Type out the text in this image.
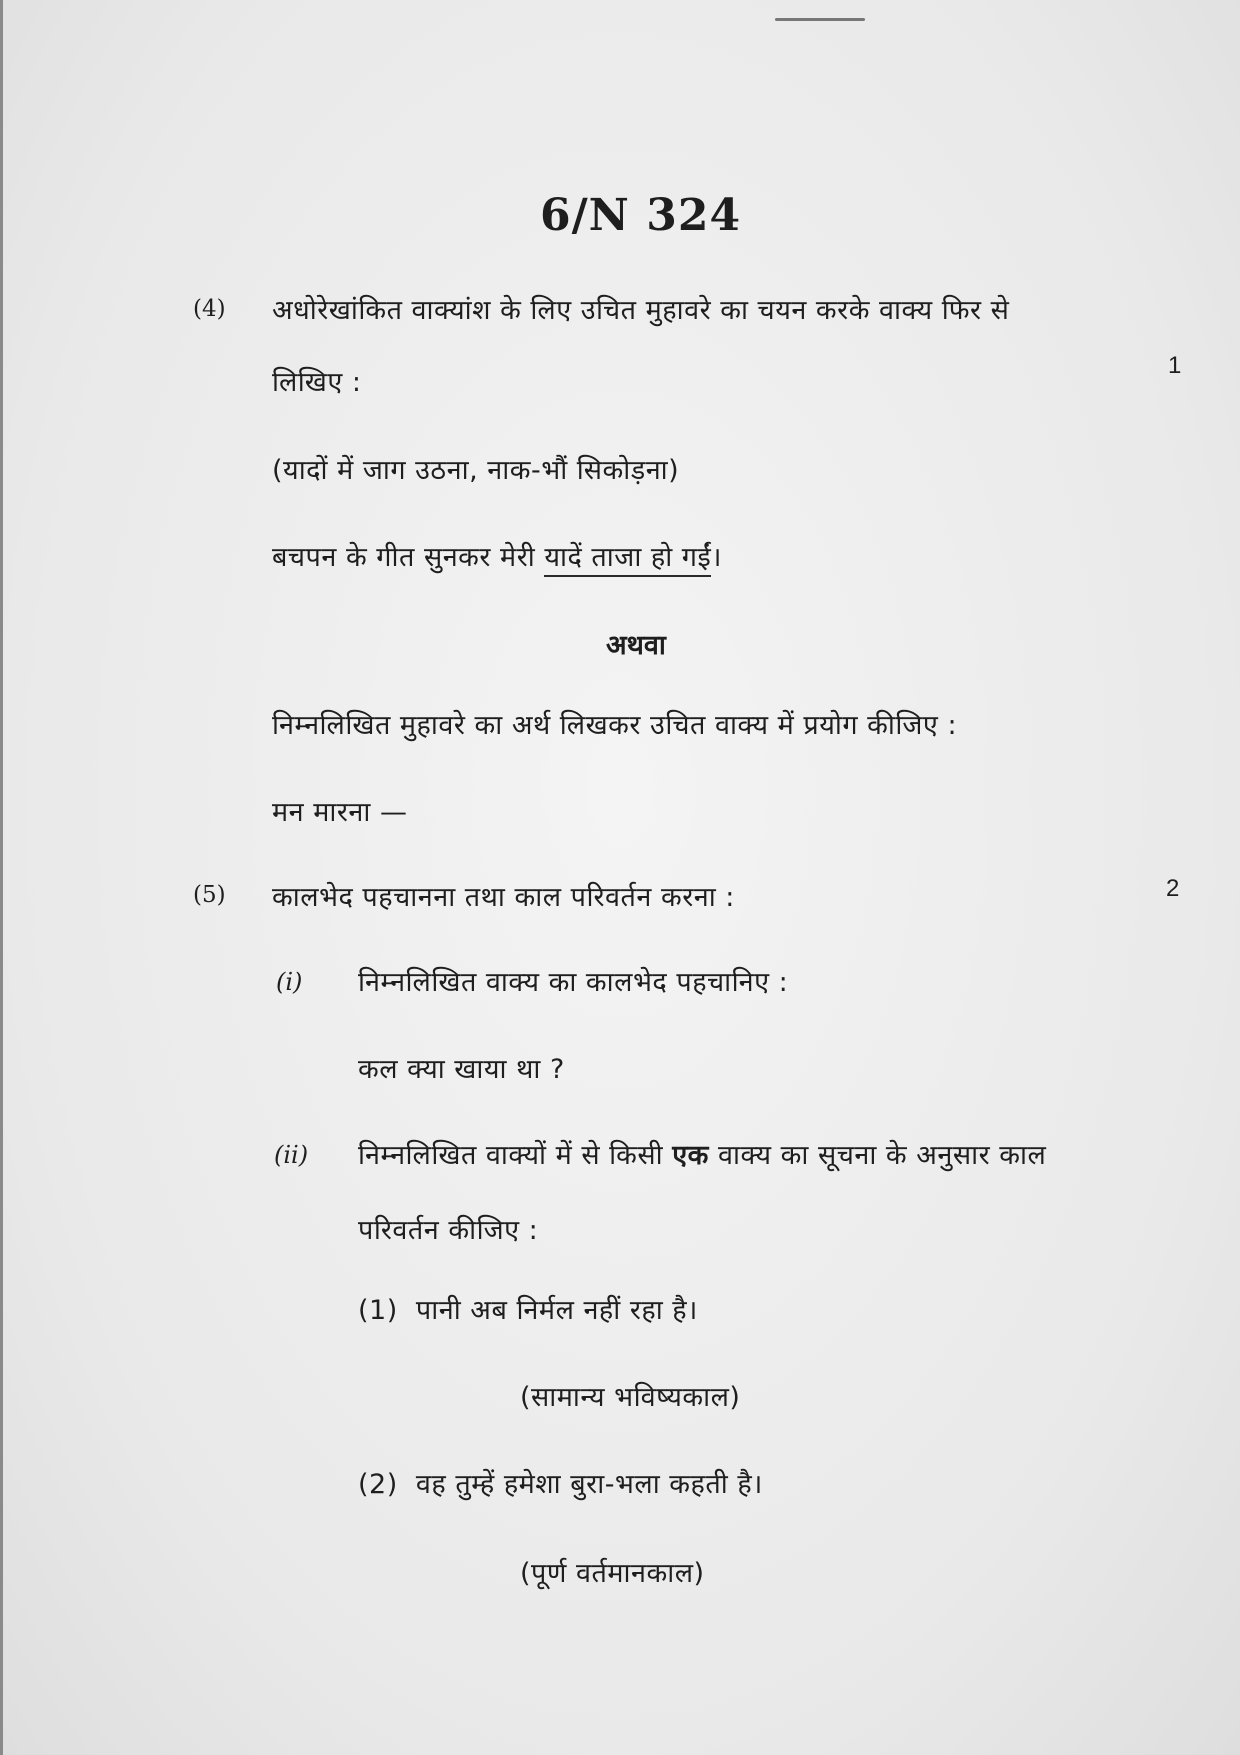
6/N 324
(4) अधोरेखांकित वाक्यांश के लिए उचित मुहावरे का चयन करके वाक्य फिर से
लिखिए :
1
(यादों में जाग उठना, नाक-भौं सिकोड़ना)
बचपन के गीत सुनकर मेरी यादें ताजा हो गईं।
अथवा
निम्नलिखित मुहावरे का अर्थ लिखकर उचित वाक्य में प्रयोग कीजिए :
मन मारना —
(5) कालभेद पहचानना तथा काल परिवर्तन करना :	2
(i) निम्नलिखित वाक्य का कालभेद पहचानिए :
कल क्या खाया था ?
(ii) निम्नलिखित वाक्यों में से किसी एक वाक्य का सूचना के अनुसार काल
परिवर्तन कीजिए :
(1) पानी अब निर्मल नहीं रहा है।
(सामान्य भविष्यकाल)
(2) वह तुम्हें हमेशा बुरा-भला कहती है।
(पूर्ण वर्तमानकाल)
